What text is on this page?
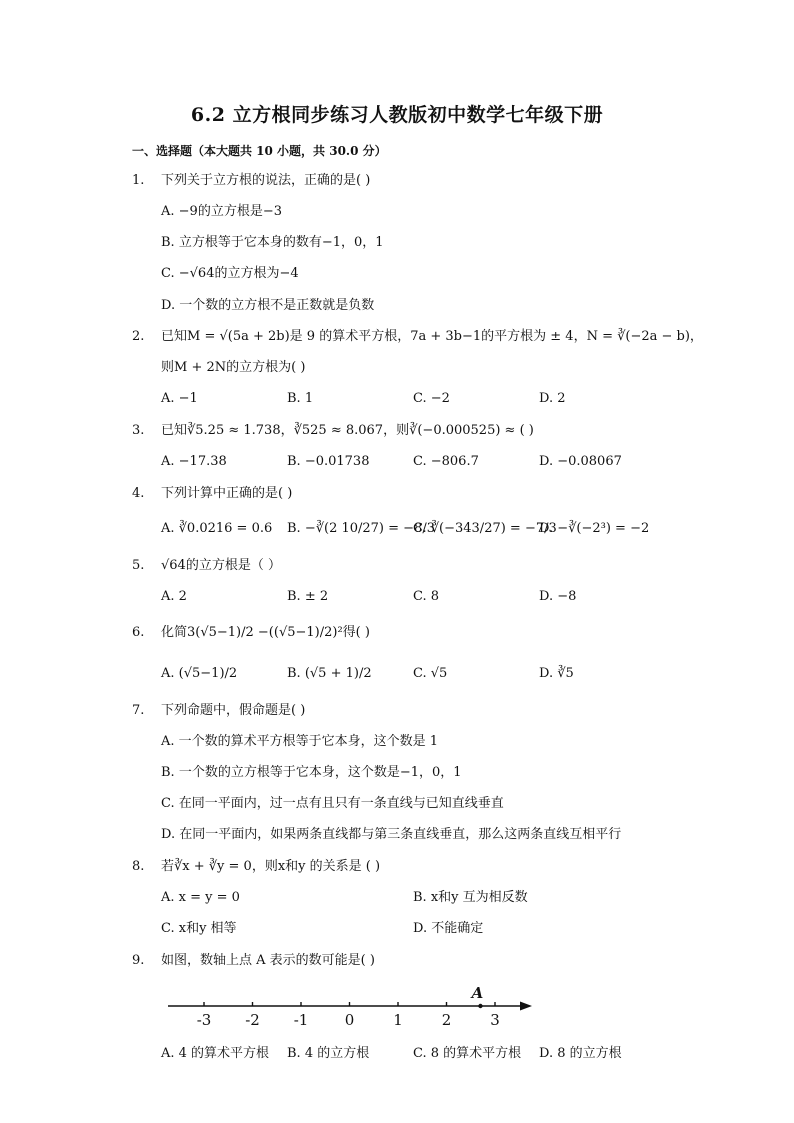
6.2 立方根同步练习人教版初中数学七年级下册
一、选择题（本大题共 10 小题，共 30.0 分）
1.	下列关于立方根的说法，正确的是( )
A. −9的立方根是−3
B. 立方根等于它本身的数有−1，0，1
C. −√64的立方根为−4
D. 一个数的立方根不是正数就是负数
2.	已知M = √(5a + 2b)是 9 的算术平方根，7a + 3b−1的平方根为 ± 4，N = ∛(−2a − b)，
则M + 2N的立方根为( )
A. −1	B. 1	C. −2	D. 2
3.	已知∛5.25 ≈ 1.738，∛525 ≈ 8.067，则∛(−0.000525) ≈ ( )
A. −17.38	B. −0.01738	C. −806.7	D. −0.08067
4.	下列计算中正确的是( )
A. ∛0.0216 = 0.6 B. −∛(2 10/27) = −8/3
C. ∛(−343/27) = −7/3
D. −∛(−2³) = −2
5.	√64的立方根是（ ）
A. 2	B. ± 2	C. 8	D. −8
6.	化简3(√5−1)/2 −((√5−1)/2)²得( )
A. (√5−1)/2	B. (√5 + 1)/2	C. √5	D. ∛5
7.	下列命题中，假命题是( )
A. 一个数的算术平方根等于它本身，这个数是 1
B. 一个数的立方根等于它本身，这个数是−1，0，1
C. 在同一平面内，过一点有且只有一条直线与已知直线垂直
D. 在同一平面内，如果两条直线都与第三条直线垂直，那么这两条直线互相平行
8.	若∛x + ∛y = 0，则x和y 的关系是 ( )
A. x = y = 0	B. x和y 互为相反数
C. x和y 相等	D. 不能确定
9.	如图，数轴上点 A 表示的数可能是( )
-3 -2 -1 0	1	2	3
A
A. 4 的算术平方根 B. 4 的立方根	C. 8 的算术平方根 D. 8 的立方根
